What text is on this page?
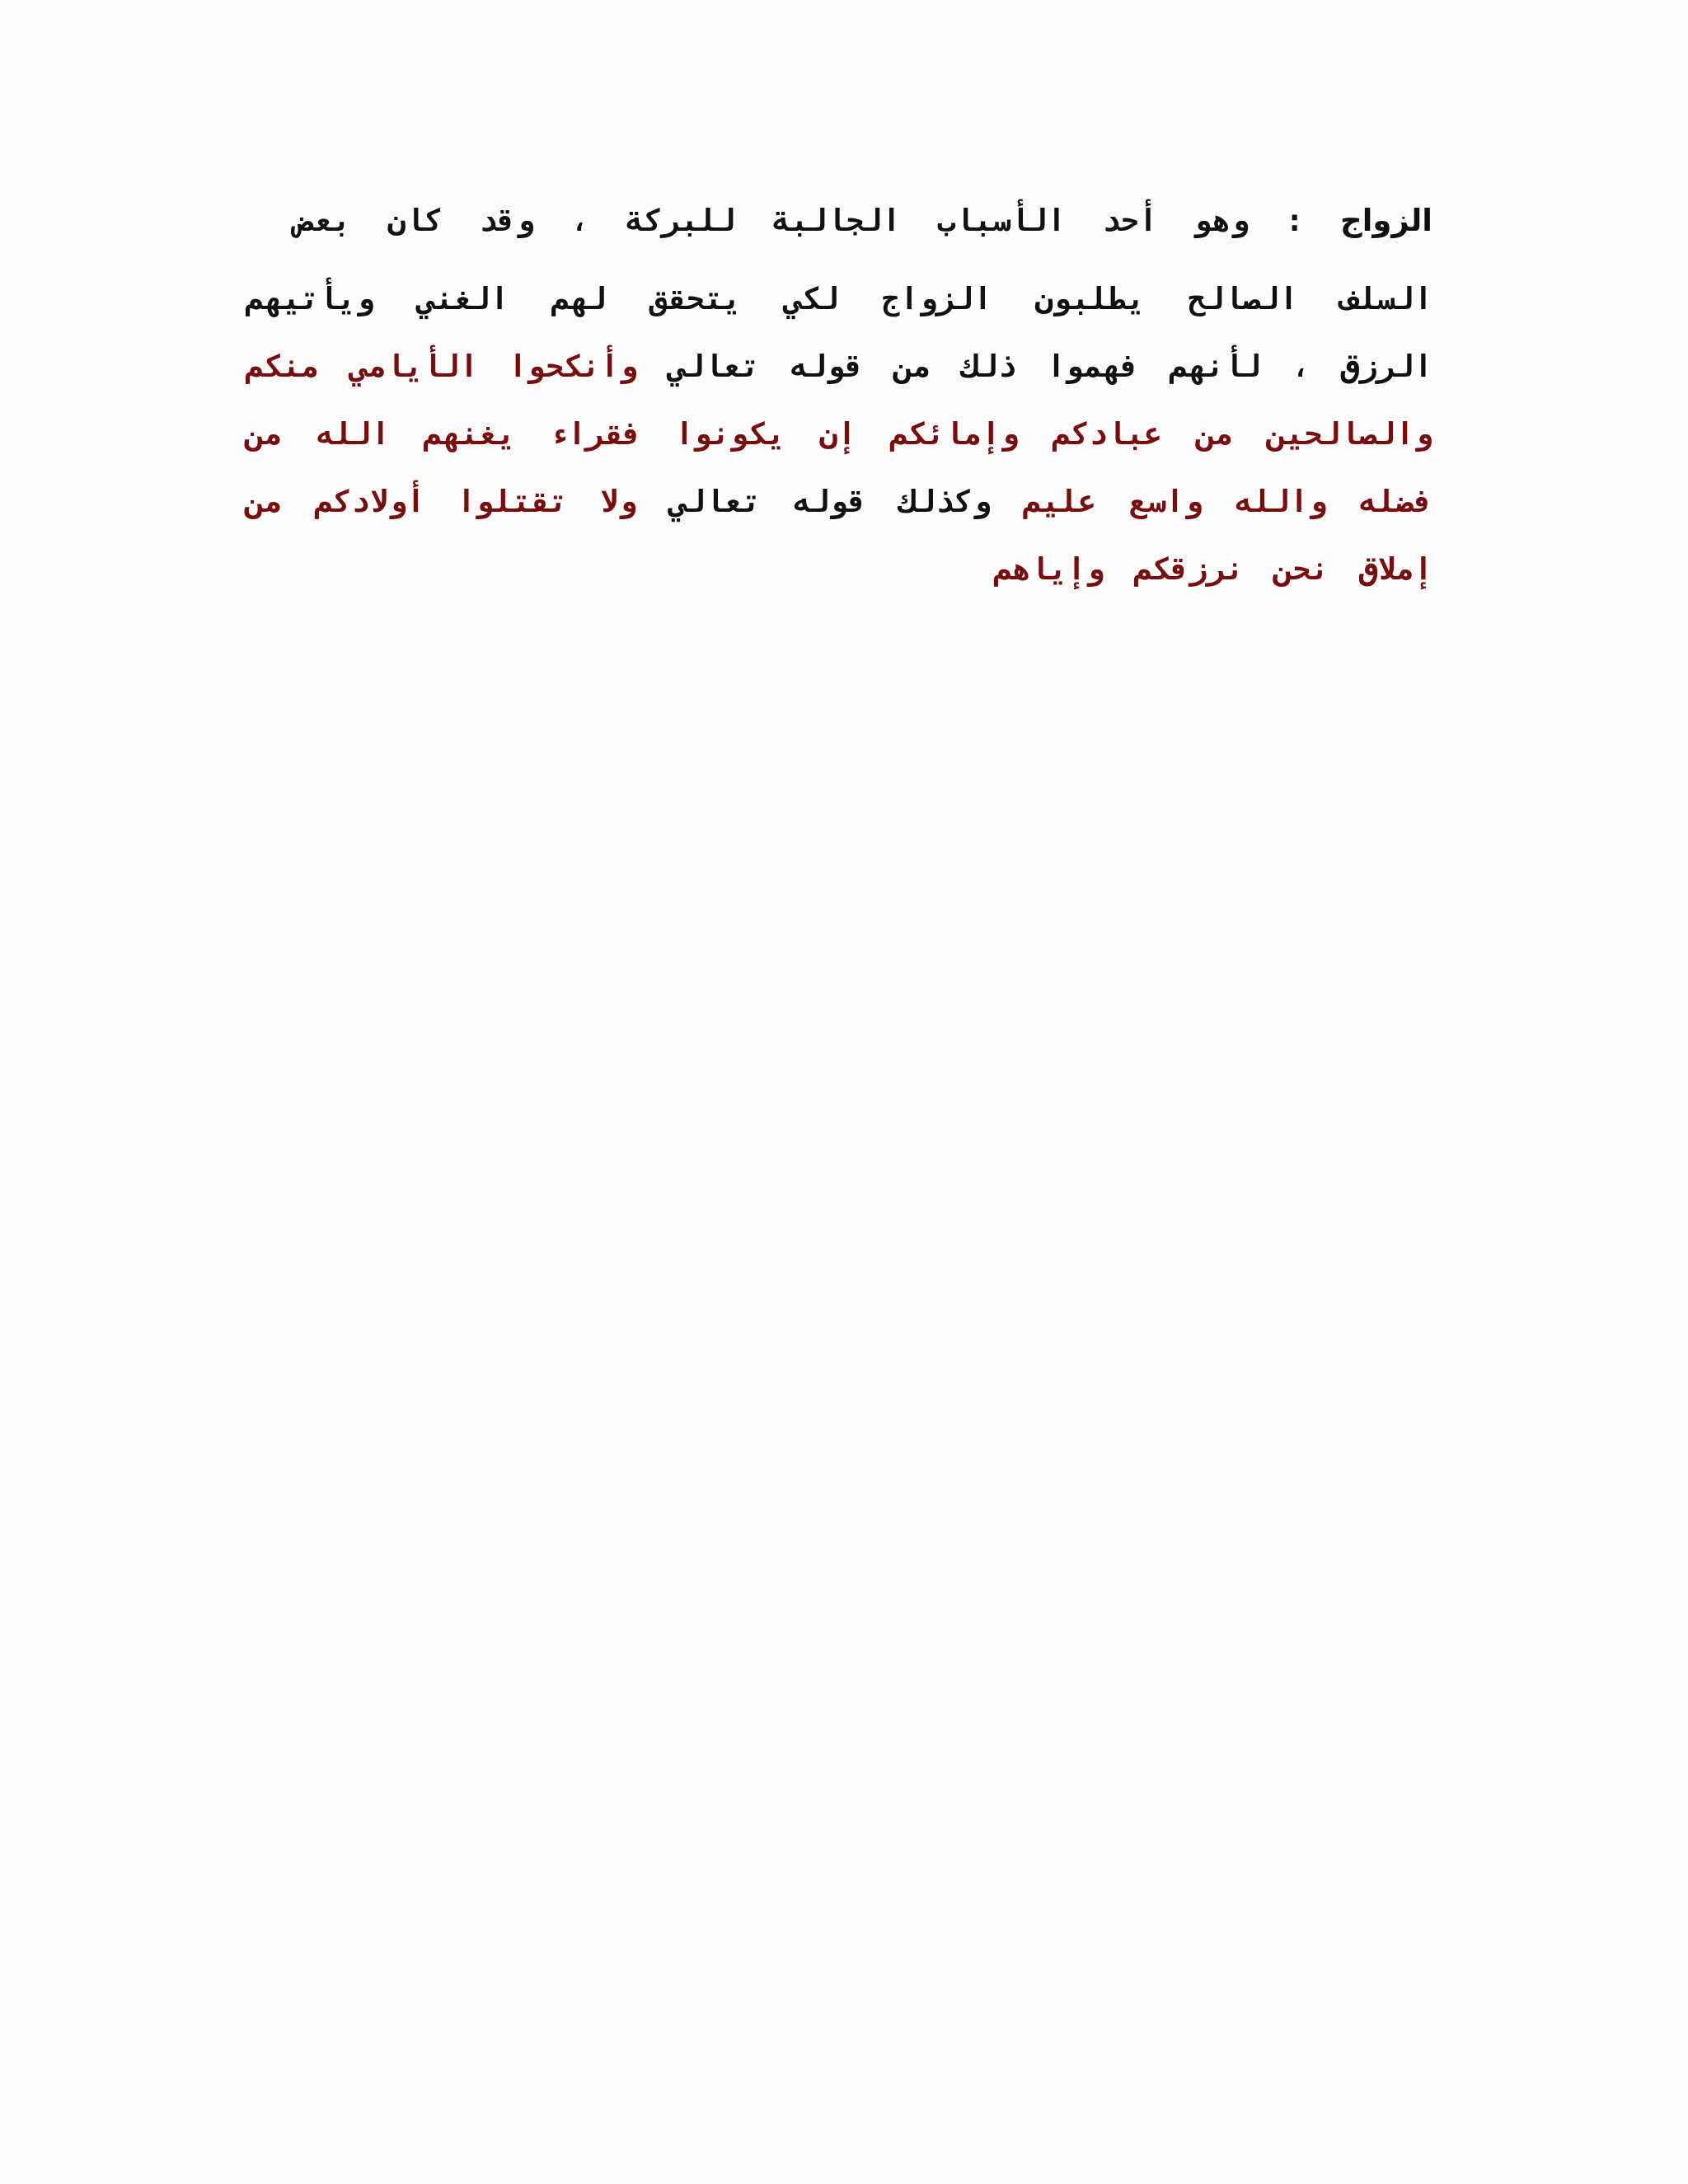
الزواج : وهو أحد الأسباب الجالبة للبركة ، وقد كان بعض
السلف الصالح يطلبون الزواج لكي يتحقق لهم الغني ويأتيهم الرزق ، لأنهم فهموا ذلك من قوله تعالي وأنكحوا الأيامي منكم والصالحين من عبادكم وإمائكم إن يكونوا فقراء يغنهم الله من فضله والله واسع عليم وكذلك قوله تعالي ولا تقتلوا أولادكم من إملاق نحن نرزقكم وإياهم
